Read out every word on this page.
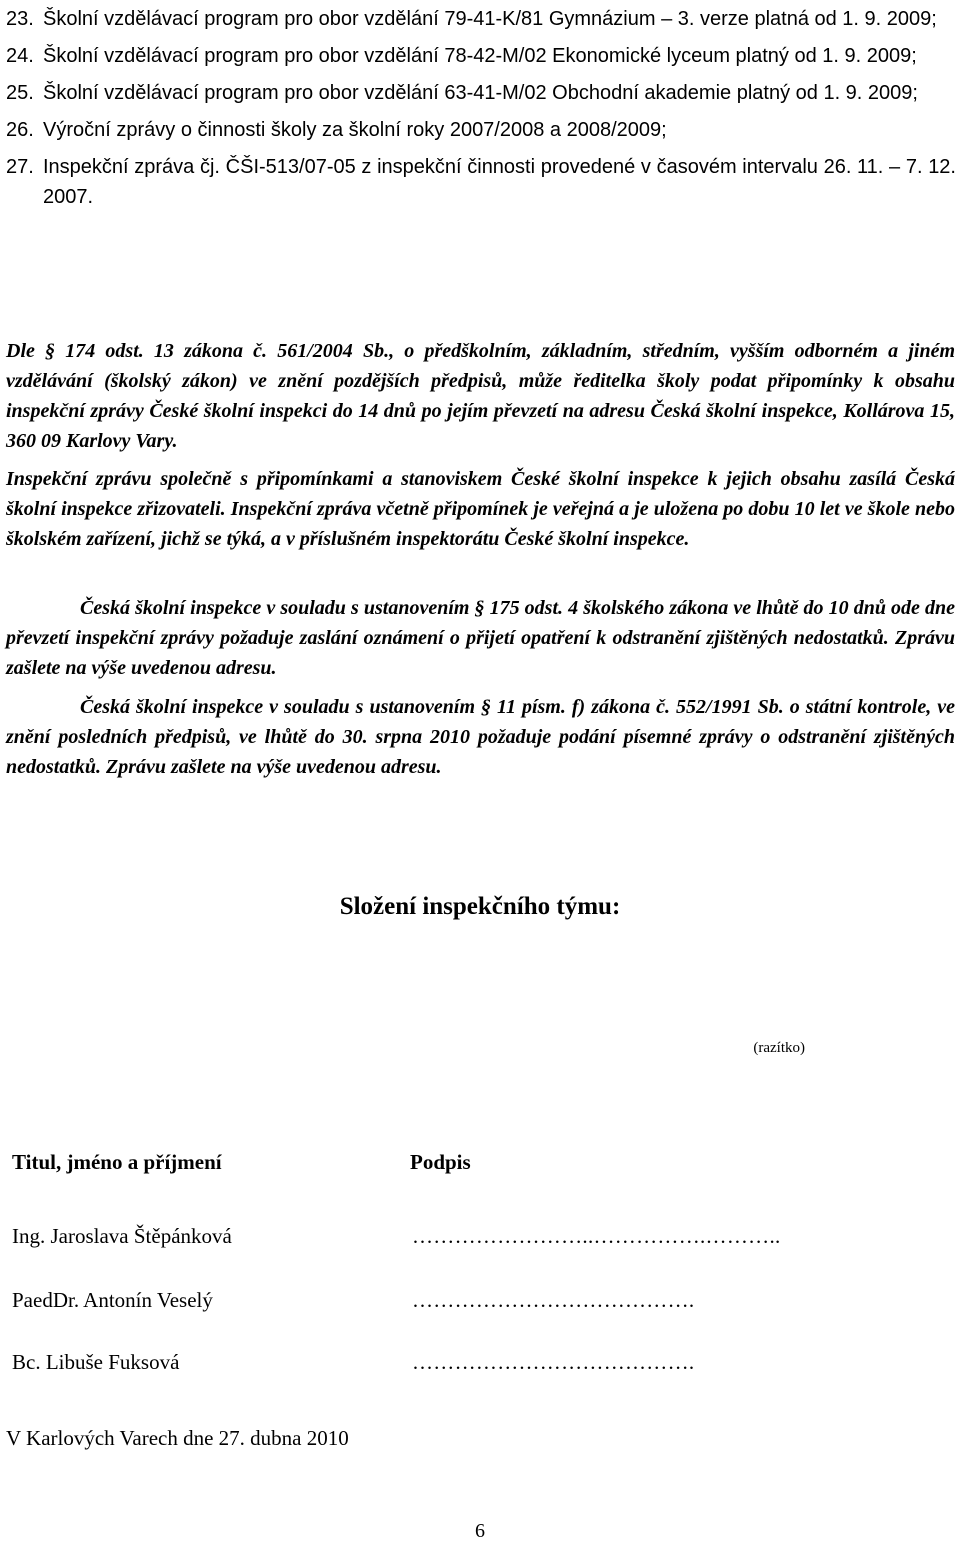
23. Školní vzdělávací program pro obor vzdělání 79-41-K/81 Gymnázium – 3. verze platná od 1. 9. 2009;
24. Školní vzdělávací program pro obor vzdělání 78-42-M/02 Ekonomické lyceum platný od 1. 9. 2009;
25. Školní vzdělávací program pro obor vzdělání 63-41-M/02 Obchodní akademie platný od 1. 9. 2009;
26. Výroční zprávy o činnosti školy za školní roky 2007/2008 a 2008/2009;
27. Inspekční zpráva čj. ČŠI-513/07-05 z inspekční činnosti provedené v časovém intervalu 26. 11. – 7. 12. 2007.
Dle § 174 odst. 13 zákona č. 561/2004 Sb., o předškolním, základním, středním, vyšším odborném a jiném vzdělávání (školský zákon) ve znění pozdějších předpisů, může ředitelka školy podat připomínky k obsahu inspekční zprávy České školní inspekci do 14 dnů po jejím převzetí na adresu Česká školní inspekce, Kollárova 15, 360 09 Karlovy Vary.
Inspekční zprávu společně s připomínkami a stanoviskem České školní inspekce k jejich obsahu zasílá Česká školní inspekce zřizovateli. Inspekční zpráva včetně připomínek je veřejná a je uložena po dobu 10 let ve škole nebo školském zařízení, jichž se týká, a v příslušném inspektorátu České školní inspekce.
Česká školní inspekce v souladu s ustanovením § 175 odst. 4 školského zákona ve lhůtě do 10 dnů ode dne převzetí inspekční zprávy požaduje zaslání oznámení o přijetí opatření k odstranění zjištěných nedostatků. Zprávu zašlete na výše uvedenou adresu.
Česká školní inspekce v souladu s ustanovením § 11 písm. f) zákona č. 552/1991 Sb. o státní kontrole, ve znění posledních předpisů, ve lhůtě do 30. srpna 2010 požaduje podání písemné zprávy o odstranění zjištěných nedostatků. Zprávu zašlete na výše uvedenou adresu.
Složení inspekčního týmu:
(razítko)
Titul, jméno a příjmení	Podpis
Ing. Jaroslava Štěpánková	……………………..…………….………..
PaedDr. Antonín Veselý	………………………………….
Bc. Libuše Fuksová	………………………………….
V Karlových Varech dne 27. dubna 2010
6
